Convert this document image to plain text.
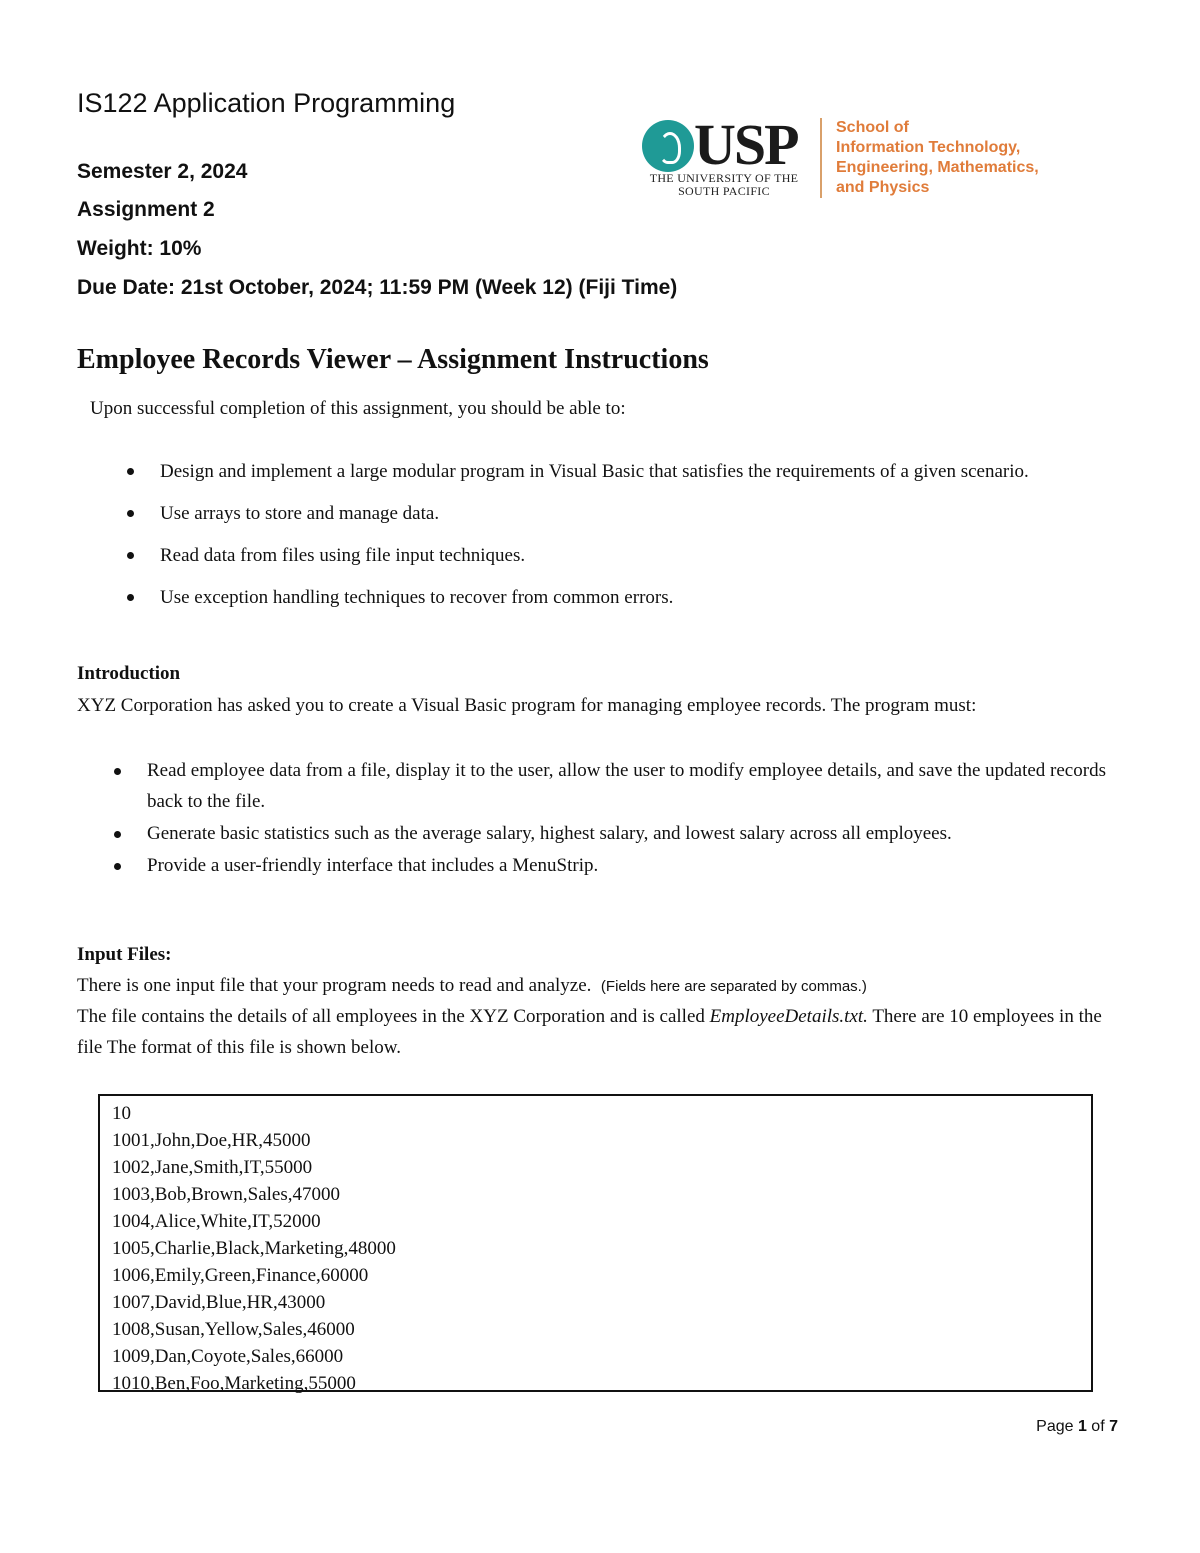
IS122 Application Programming
Semester 2, 2024
Assignment 2
Weight: 10%
Due Date: 21st October, 2024; 11:59 PM (Week 12) (Fiji Time)
USP
THE UNIVERSITY OF THE
SOUTH PACIFIC
School of
Information Technology,
Engineering, Mathematics,
and Physics
Employee Records Viewer – Assignment Instructions
Upon successful completion of this assignment, you should be able to:
Design and implement a large modular program in Visual Basic that satisfies the requirements of a given scenario.
Use arrays to store and manage data.
Read data from files using file input techniques.
Use exception handling techniques to recover from common errors.
Introduction
XYZ Corporation has asked you to create a Visual Basic program for managing employee records. The program must:
Read employee data from a file, display it to the user, allow the user to modify employee details, and save the updated records back to the file.
Generate basic statistics such as the average salary, highest salary, and lowest salary across all employees.
Provide a user-friendly interface that includes a MenuStrip.
Input Files:
There is one input file that your program needs to read and analyze. (Fields here are separated by commas.)
The file contains the details of all employees in the XYZ Corporation and is called EmployeeDetails.txt. There are 10 employees in the file The format of this file is shown below.
10
1001,John,Doe,HR,45000
1002,Jane,Smith,IT,55000
1003,Bob,Brown,Sales,47000
1004,Alice,White,IT,52000
1005,Charlie,Black,Marketing,48000
1006,Emily,Green,Finance,60000
1007,David,Blue,HR,43000
1008,Susan,Yellow,Sales,46000
1009,Dan,Coyote,Sales,66000
1010,Ben,Foo,Marketing,55000
Page 1 of 7
